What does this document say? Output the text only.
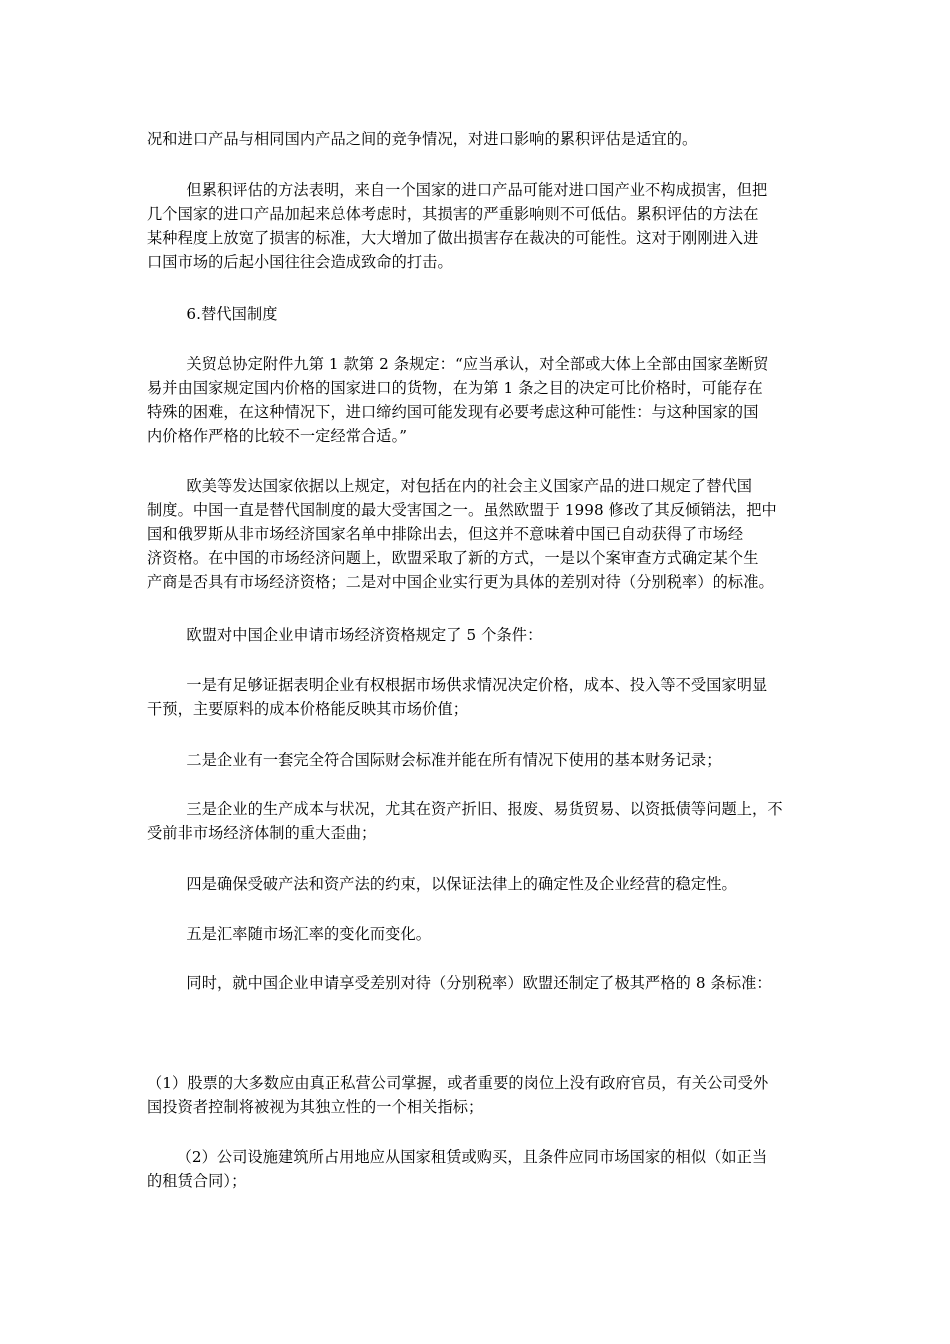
况和进口产品与相同国内产品之间的竞争情况，对进口影响的累积评估是适宜的。
但累积评估的方法表明，来自一个国家的进口产品可能对进口国产业不构成损害，但把
几个国家的进口产品加起来总体考虑时，其损害的严重影响则不可低估。累积评估的方法在
某种程度上放宽了损害的标准，大大增加了做出损害存在裁决的可能性。这对于刚刚进入进
口国市场的后起小国往往会造成致命的打击。
6.替代国制度
关贸总协定附件九第 1 款第 2 条规定：“应当承认，对全部或大体上全部由国家垄断贸
易并由国家规定国内价格的国家进口的货物，在为第 1 条之目的决定可比价格时，可能存在
特殊的困难，在这种情况下，进口缔约国可能发现有必要考虑这种可能性：与这种国家的国
内价格作严格的比较不一定经常合适。”
欧美等发达国家依据以上规定，对包括在内的社会主义国家产品的进口规定了替代国
制度。中国一直是替代国制度的最大受害国之一。虽然欧盟于 1998 修改了其反倾销法，把中
国和俄罗斯从非市场经济国家名单中排除出去，但这并不意味着中国已自动获得了市场经
济资格。在中国的市场经济问题上，欧盟采取了新的方式，一是以个案审查方式确定某个生
产商是否具有市场经济资格；二是对中国企业实行更为具体的差别对待（分别税率）的标准。
欧盟对中国企业申请市场经济资格规定了 5 个条件：
一是有足够证据表明企业有权根据市场供求情况决定价格，成本、投入等不受国家明显
干预，主要原料的成本价格能反映其市场价值；
二是企业有一套完全符合国际财会标准并能在所有情况下使用的基本财务记录；
三是企业的生产成本与状况，尤其在资产折旧、报废、易货贸易、以资抵债等问题上，不
受前非市场经济体制的重大歪曲；
四是确保受破产法和资产法的约束，以保证法律上的确定性及企业经营的稳定性。
五是汇率随市场汇率的变化而变化。
同时，就中国企业申请享受差别对待（分别税率）欧盟还制定了极其严格的 8 条标准：
（1）股票的大多数应由真正私营公司掌握，或者重要的岗位上没有政府官员，有关公司受外
国投资者控制将被视为其独立性的一个相关指标；
（2）公司设施建筑所占用地应从国家租赁或购买，且条件应同市场国家的相似（如正当
的租赁合同）；
